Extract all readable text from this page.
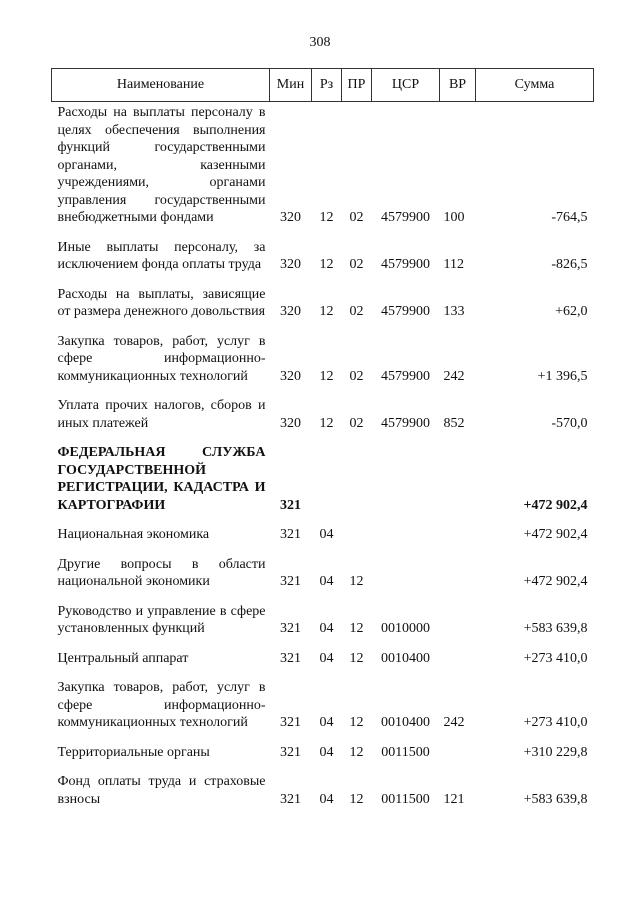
308
Наименование	Мин	Рз	ПР	ЦСР	ВР	Сумма
Расходы на выплаты персоналу в целях обеспечения выполнения функций государственными органами, казенными учреждениями, органами управления государственными внебюджетными фондами	320	12	02	4579900	100	-764,5

Иные выплаты персоналу, за исключением фонда оплаты труда	320	12	02	4579900	112	-826,5

Расходы на выплаты, зависящие от размера денежного довольствия	320	12	02	4579900	133	+62,0

Закупка товаров, работ, услуг в сфере информационно-коммуникационных технологий	320	12	02	4579900	242	+1 396,5

Уплата прочих налогов, сборов и иных платежей	320	12	02	4579900	852	-570,0

ФЕДЕРАЛЬНАЯ СЛУЖБА ГОСУДАРСТВЕННОЙ РЕГИСТРАЦИИ, КАДАСТРА И КАРТОГРАФИИ	321					+472 902,4

Национальная экономика	321	04				+472 902,4

Другие вопросы в области национальной экономики	321	04	12			+472 902,4

Руководство и управление в сфере установленных функций	321	04	12	0010000		+583 639,8

Центральный аппарат	321	04	12	0010400		+273 410,0

Закупка товаров, работ, услуг в сфере информационно-коммуникационных технологий	321	04	12	0010400	242	+273 410,0

Территориальные органы	321	04	12	0011500		+310 229,8

Фонд оплаты труда и страховые взносы	321	04	12	0011500	121	+583 639,8
